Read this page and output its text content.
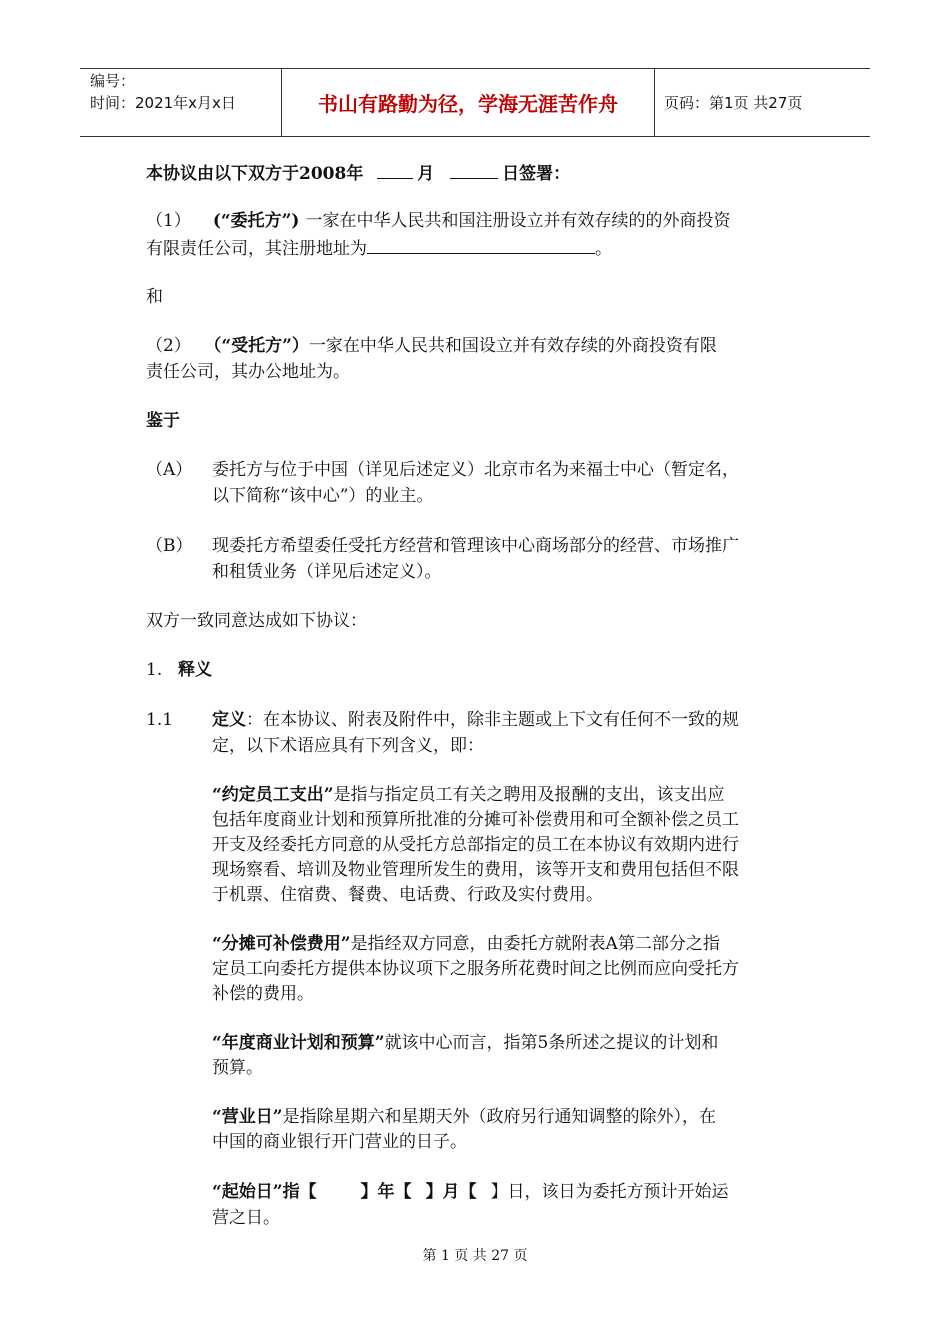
编号：
时间：2021年x月x日	书山有路勤为径，学海无涯苦作舟	页码：第1页 共27页
本协议由以下双方于2008年	月	日签署：
（1） (“委托方”) 一家在中华人民共和国注册设立并有效存续的的外商投资
有限责任公司，其注册地址为	。
和
（2） （“受托方”）一家在中华人民共和国设立并有效存续的外商投资有限
责任公司，其办公地址为。
鉴于
（A） 委托方与位于中国（详见后述定义）北京市名为来福士中心（暂定名，
以下简称“该中心”）的业主。
（B） 现委托方希望委任受托方经营和管理该中心商场部分的经营、市场推广
和租赁业务（详见后述定义）。
双方一致同意达成如下协议：
1. 释义
1.1 定义：在本协议、附表及附件中，除非主题或上下文有任何不一致的规
定，以下术语应具有下列含义，即：
“约定员工支出”是指与指定员工有关之聘用及报酬的支出，该支出应
包括年度商业计划和预算所批准的分摊可补偿费用和可全额补偿之员工
开支及经委托方同意的从受托方总部指定的员工在本协议有效期内进行
现场察看、培训及物业管理所发生的费用，该等开支和费用包括但不限
于机票、住宿费、餐费、电话费、行政及实付费用。
“分摊可补偿费用”是指经双方同意，由委托方就附表A第二部分之指
定员工向委托方提供本协议项下之服务所花费时间之比例而应向受托方
补偿的费用。
“年度商业计划和预算”就该中心而言，指第5条所述之提议的计划和
预算。
“营业日”是指除星期六和星期天外（政府另行通知调整的除外），在
中国的商业银行开门营业的日子。
“起始日”指【	】年【 】月【 】日，该日为委托方预计开始运
营之日。
第 1 页 共 27 页
